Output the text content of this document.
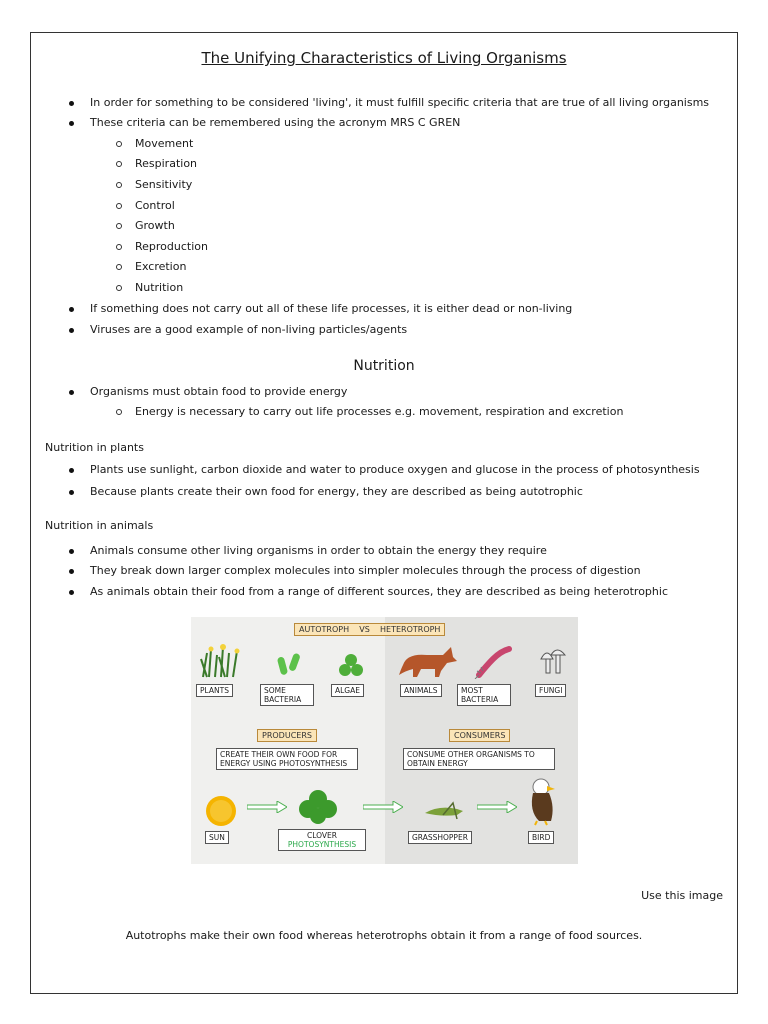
The Unifying Characteristics of Living Organisms
In order for something to be considered 'living', it must fulfill specific criteria that are true of all living organisms
These criteria can be remembered using the acronym MRS C GREN
Movement
Respiration
Sensitivity
Control
Growth
Reproduction
Excretion
Nutrition
If something does not carry out all of these life processes, it is either dead or non-living
Viruses are a good example of non-living particles/agents
Nutrition
Organisms must obtain food to provide energy
Energy is necessary to carry out life processes e.g. movement, respiration and excretion
Nutrition in plants
Plants use sunlight, carbon dioxide and water to produce oxygen and glucose in the process of photosynthesis
Because plants create their own food for energy, they are described as being autotrophic
Nutrition in animals
Animals consume other living organisms in order to obtain the energy they require
They break down larger complex molecules into simpler molecules through the process of digestion
As animals obtain their food from a range of different sources, they are described as being heterotrophic
AUTOTROPH VS HETEROTROPH
PLANTS	SOME BACTERIA
ALGAE	ANIMALS	MOST BACTERIA
FUNGI
PRODUCERS	CONSUMERS
CREATE THEIR OWN FOOD FOR ENERGY USING PHOTOSYNTHESIS
CONSUME OTHER ORGANISMS TO OBTAIN ENERGY
SUN	CLOVER
PHOTOSYNTHESIS
GRASSHOPPER	BIRD
Use this image
Autotrophs make their own food whereas heterotrophs obtain it from a range of food sources.
